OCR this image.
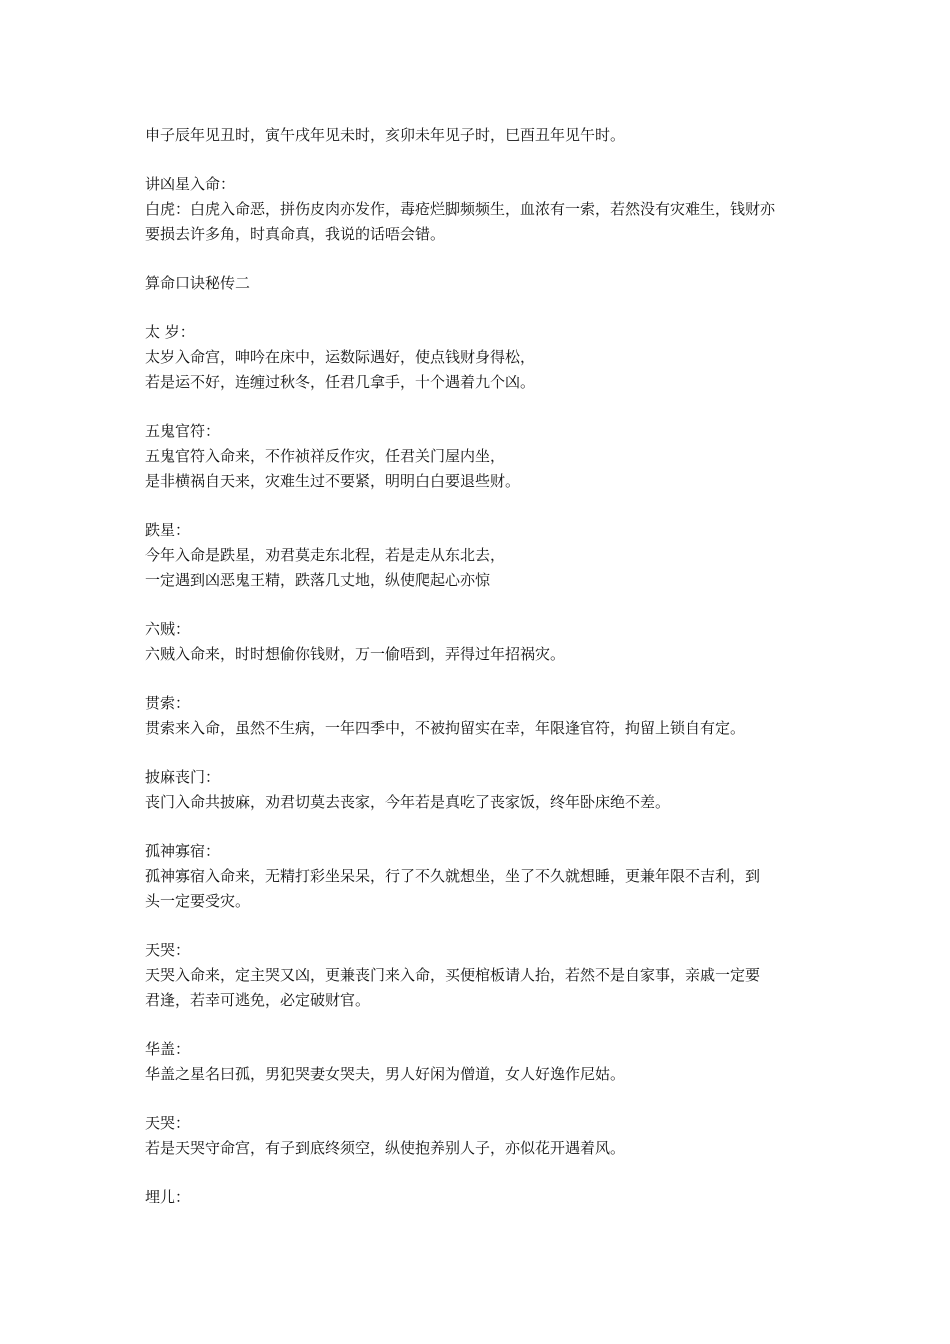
申子辰年见丑时，寅午戌年见未时，亥卯未年见子时，巳酉丑年见午时。
讲凶星入命：
白虎：白虎入命恶，拼伤皮肉亦发作，毒疮烂脚频频生，血浓有一索，若然没有灾难生，钱财亦
要损去许多角，时真命真，我说的话唔会错。
算命口诀秘传二
太 岁：
太岁入命宫，呻吟在床中，运数际遇好，使点钱财身得松，
若是运不好，连缠过秋冬，任君几拿手，十个遇着九个凶。
五鬼官符：
五鬼官符入命来，不作祯祥反作灾，任君关门屋内坐，
是非横祸自天来，灾难生过不要紧，明明白白要退些财。
跌星：
今年入命是跌星，劝君莫走东北程，若是走从东北去，
一定遇到凶恶鬼王精，跌落几丈地，纵使爬起心亦惊
六贼：
六贼入命来，时时想偷你钱财，万一偷唔到，弄得过年招祸灾。
贯索：
贯索来入命，虽然不生病，一年四季中，不被拘留实在幸，年限逢官符，拘留上锁自有定。
披麻丧门：
丧门入命共披麻，劝君切莫去丧家，今年若是真吃了丧家饭，终年卧床绝不差。
孤神寡宿：
孤神寡宿入命来，无精打彩坐呆呆，行了不久就想坐，坐了不久就想睡，更兼年限不吉利，到
头一定要受灾。
天哭：
天哭入命来，定主哭又凶，更兼丧门来入命，买便棺板请人抬，若然不是自家事，亲戚一定要
君逢，若幸可逃免，必定破财官。
华盖：
华盖之星名曰孤，男犯哭妻女哭夫，男人好闲为僧道，女人好逸作尼姑。
天哭：
若是天哭守命宫，有子到底终须空，纵使抱养别人子，亦似花开遇着风。
埋儿：
